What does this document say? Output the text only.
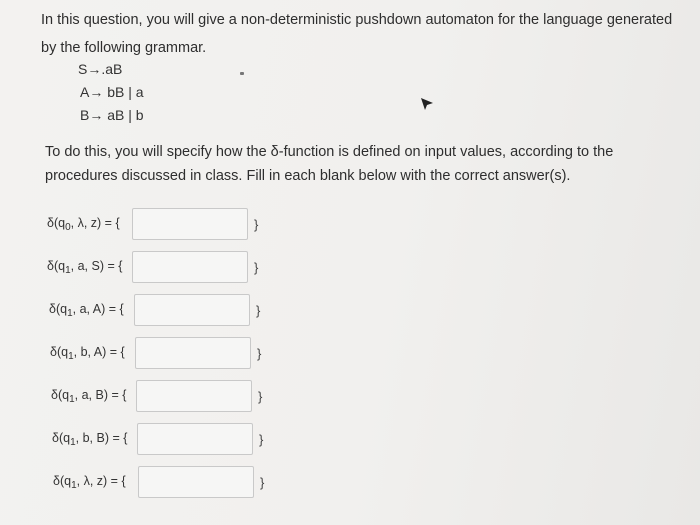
In this question, you will give a non-deterministic pushdown automaton for the language generated by the following grammar.
S→.aB
A→ bB | a
B→ aB | b
To do this, you will specify how the δ-function is defined on input values, according to the procedures discussed in class. Fill in each blank below with the correct answer(s).
$\delta(q_0$, λ, z) = {	}
$\delta(q_1$, a, S) = {	}
$\delta(q_1$, a, A) = {	}
$\delta(q_1$, b, A) = {	}
$\delta(q_1$, a, B) = {	}
$\delta(q_1$, b, B) = {	}
$\delta(q_1$, λ, z) = {	}
